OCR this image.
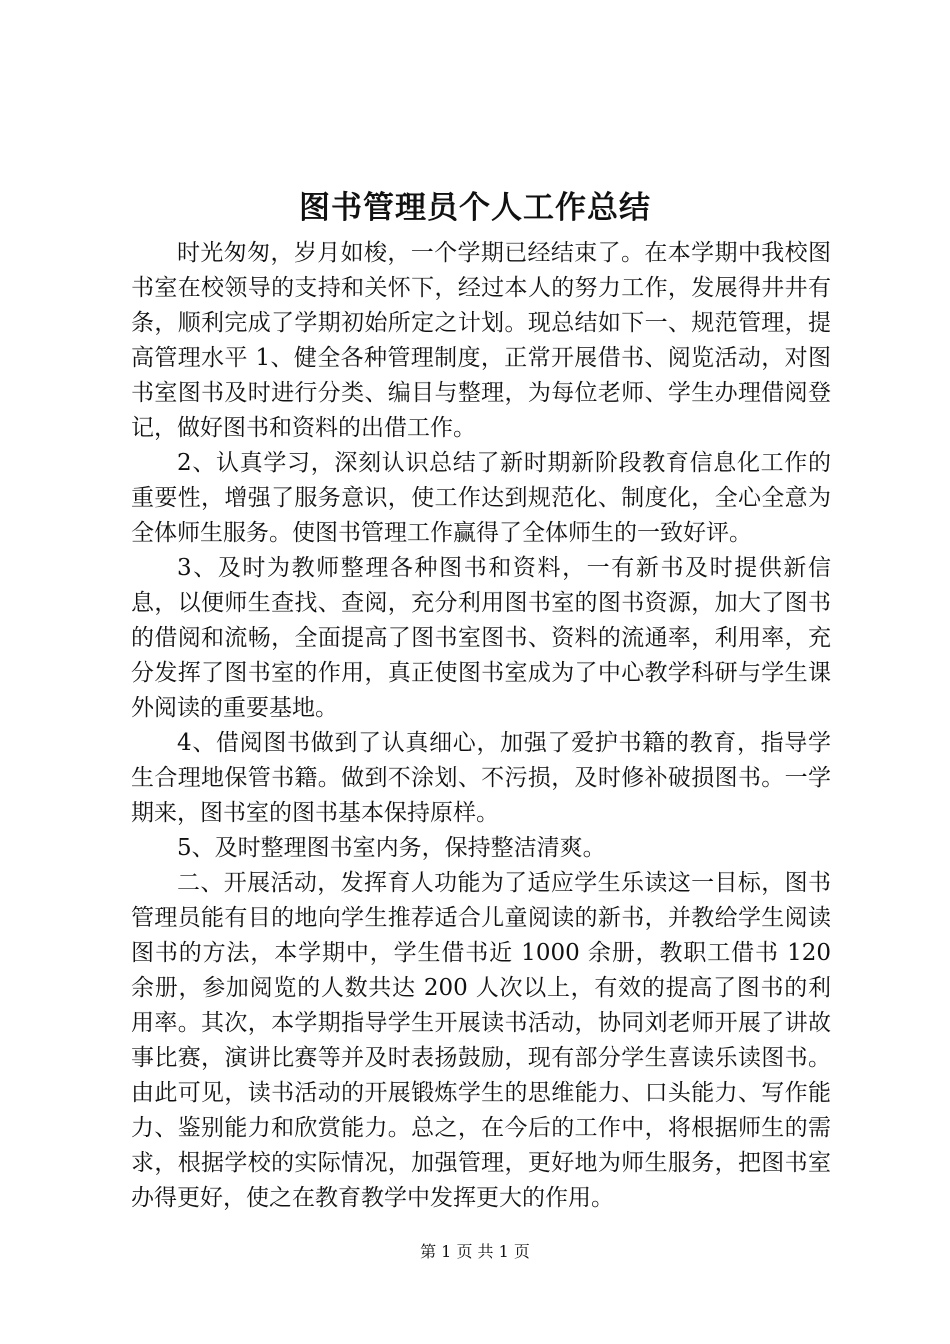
图书管理员个人工作总结

时光匆匆，岁月如梭，一个学期已经结束了。在本学期中我校图书室在校领导的支持和关怀下，经过本人的努力工作，发展得井井有条，顺利完成了学期初始所定之计划。现总结如下一、规范管理，提高管理水平 1、健全各种管理制度，正常开展借书、阅览活动，对图书室图书及时进行分类、编目与整理，为每位老师、学生办理借阅登记，做好图书和资料的出借工作。

2、认真学习，深刻认识总结了新时期新阶段教育信息化工作的重要性，增强了服务意识，使工作达到规范化、制度化，全心全意为全体师生服务。使图书管理工作赢得了全体师生的一致好评。

3、及时为教师整理各种图书和资料，一有新书及时提供新信息，以便师生查找、查阅，充分利用图书室的图书资源，加大了图书的借阅和流畅，全面提高了图书室图书、资料的流通率，利用率，充分发挥了图书室的作用，真正使图书室成为了中心教学科研与学生课外阅读的重要基地。

4、借阅图书做到了认真细心，加强了爱护书籍的教育，指导学生合理地保管书籍。做到不涂划、不污损，及时修补破损图书。一学期来，图书室的图书基本保持原样。

5、及时整理图书室内务，保持整洁清爽。

二、开展活动，发挥育人功能为了适应学生乐读这一目标，图书管理员能有目的地向学生推荐适合儿童阅读的新书，并教给学生阅读图书的方法，本学期中，学生借书近 1000 余册，教职工借书 120 余册，参加阅览的人数共达 200 人次以上，有效的提高了图书的利用率。其次，本学期指导学生开展读书活动，协同刘老师开展了讲故事比赛，演讲比赛等并及时表扬鼓励，现有部分学生喜读乐读图书。由此可见，读书活动的开展锻炼学生的思维能力、口头能力、写作能力、鉴别能力和欣赏能力。总之，在今后的工作中，将根据师生的需求，根据学校的实际情况，加强管理，更好地为师生服务，把图书室办得更好，使之在教育教学中发挥更大的作用。

第 1 页 共 1 页
